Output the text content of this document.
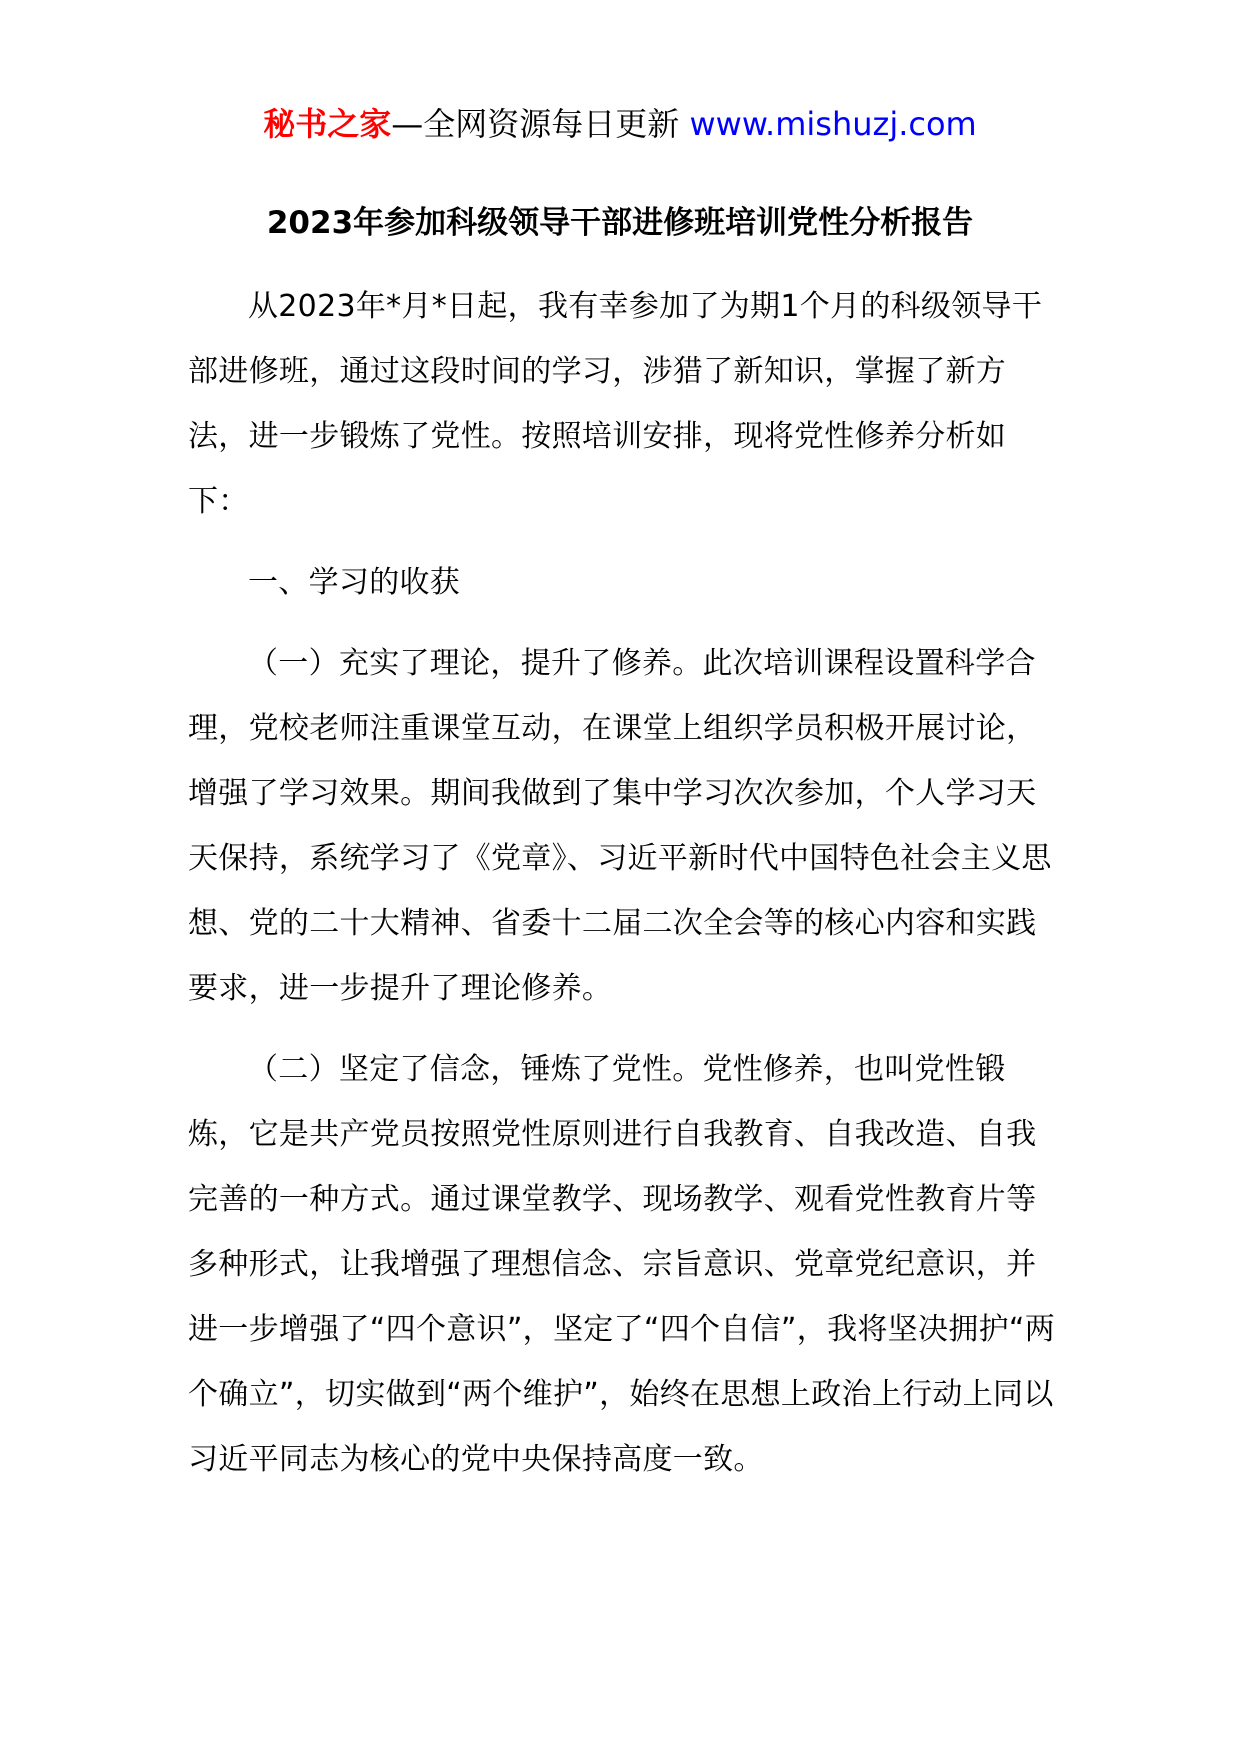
秘书之家—全网资源每日更新 www.mishuzj.com
2023年参加科级领导干部进修班培训党性分析报告

从2023年*月*日起，我有幸参加了为期1个月的科级领导干部进修班，通过这段时间的学习，涉猎了新知识，掌握了新方法，进一步锻炼了党性。按照培训安排，现将党性修养分析如下：

一、学习的收获

（一）充实了理论，提升了修养。此次培训课程设置科学合理，党校老师注重课堂互动，在课堂上组织学员积极开展讨论，增强了学习效果。期间我做到了集中学习次次参加，个人学习天天保持，系统学习了《党章》、习近平新时代中国特色社会主义思想、党的二十大精神、省委十二届二次全会等的核心内容和实践要求，进一步提升了理论修养。

（二）坚定了信念，锤炼了党性。党性修养，也叫党性锻炼，它是共产党员按照党性原则进行自我教育、自我改造、自我完善的一种方式。通过课堂教学、现场教学、观看党性教育片等多种形式，让我增强了理想信念、宗旨意识、党章党纪意识，并进一步增强了“四个意识”，坚定了“四个自信”，我将坚决拥护“两个确立”，切实做到“两个维护”，始终在思想上政治上行动上同以习近平同志为核心的党中央保持高度一致。
